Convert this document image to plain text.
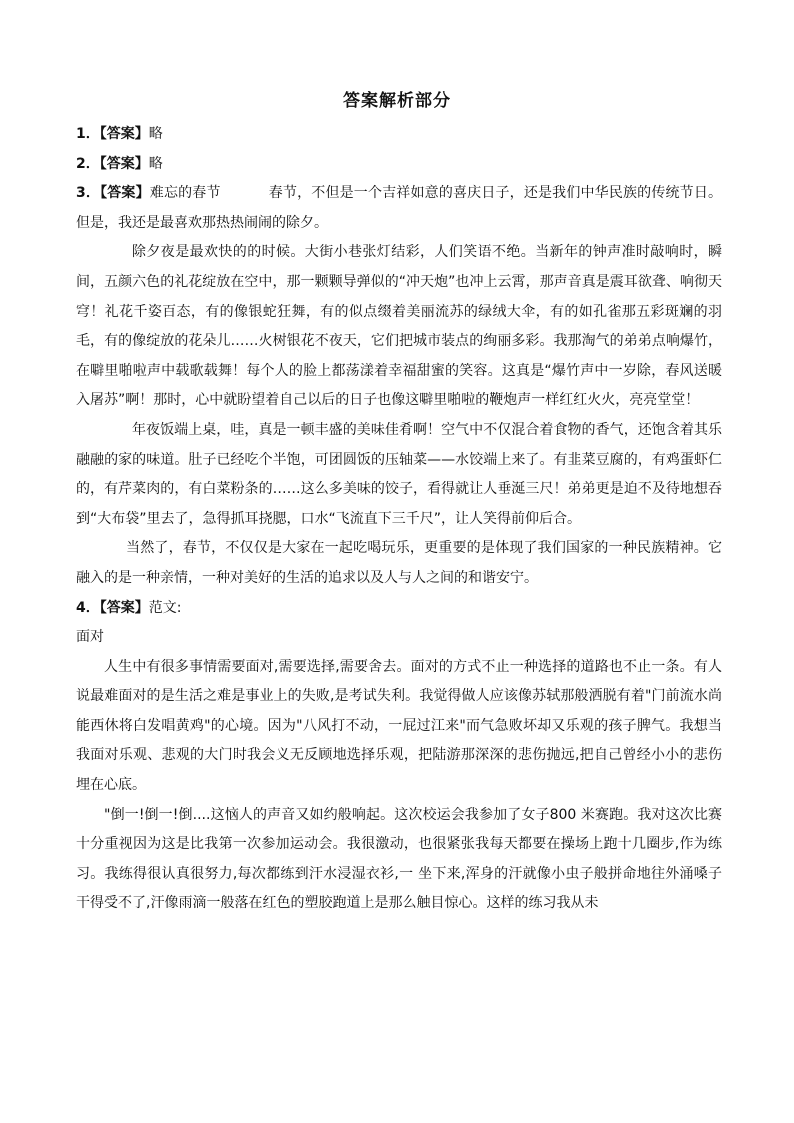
答案解析部分

1．【答案】略

2．【答案】略

3．【答案】难忘的春节	春节，不但是一个吉祥如意的喜庆日子，还是我们中华民族的传统节日。但是，我还是最喜欢那热热闹闹的除夕。

除夕夜是最欢快的的时候。大街小巷张灯结彩，人们笑语不绝。当新年的钟声准时敲响时，瞬间，五颜六色的礼花绽放在空中，那一颗颗导弹似的“冲天炮”也冲上云霄，那声音真是震耳欲聋、响彻天穹！礼花千姿百态，有的像银蛇狂舞，有的似点缀着美丽流苏的绿绒大伞，有的如孔雀那五彩斑斓的羽毛，有的像绽放的花朵儿……火树银花不夜天，它们把城市装点的绚丽多彩。我那淘气的弟弟点响爆竹，在噼里啪啦声中载歌载舞！每个人的脸上都荡漾着幸福甜蜜的笑容。这真是“爆竹声中一岁除，春风送暖入屠苏”啊！那时，心中就盼望着自己以后的日子也像这噼里啪啦的鞭炮声一样红红火火，亮亮堂堂！

年夜饭端上桌，哇，真是一顿丰盛的美味佳肴啊！空气中不仅混合着食物的香气，还饱含着其乐融融的家的味道。肚子已经吃个半饱，可团圆饭的压轴菜——水饺端上来了。有韭菜豆腐的，有鸡蛋虾仁的，有芹菜肉的，有白菜粉条的……这么多美味的饺子，看得就让人垂涎三尺！弟弟更是迫不及待地想吞到“大布袋”里去了，急得抓耳挠腮，口水“飞流直下三千尺”，让人笑得前仰后合。

当然了，春节，不仅仅是大家在一起吃喝玩乐，更重要的是体现了我们国家的一种民族精神。它融入的是一种亲情，一种对美好的生活的追求以及人与人之间的和谐安宁。

4．【答案】范文:

面对

人生中有很多事情需要面对,需要选择,需要舍去。面对的方式不止一种选择的道路也不止一条。有人说最难面对的是生活之难是事业上的失败,是考试失利。我觉得做人应该像苏轼那般洒脱有着"门前流水尚能西休将白发唱黄鸡"的心境。因为"八风打不动，一屁过江来"而气急败坏却又乐观的孩子脾气。我想当我面对乐观、悲观的大门时我会义无反顾地选择乐观，把陆游那深深的悲伤抛远,把自己曾经小小的悲伤埋在心底。

"倒一!倒一!倒....这恼人的声音又如约般响起。这次校运会我参加了女子800 米赛跑。我对这次比赛十分重视因为这是比我第一次参加运动会。我很激动，也很紧张我每天都要在操场上跑十几圈步,作为练习。我练得很认真很努力,每次都练到汗水浸湿衣衫,一 坐下来,浑身的汗就像小虫子般拼命地往外涌嗓子干得受不了,汗像雨滴一般落在红色的塑胶跑道上是那么触目惊心。这样的练习我从未
